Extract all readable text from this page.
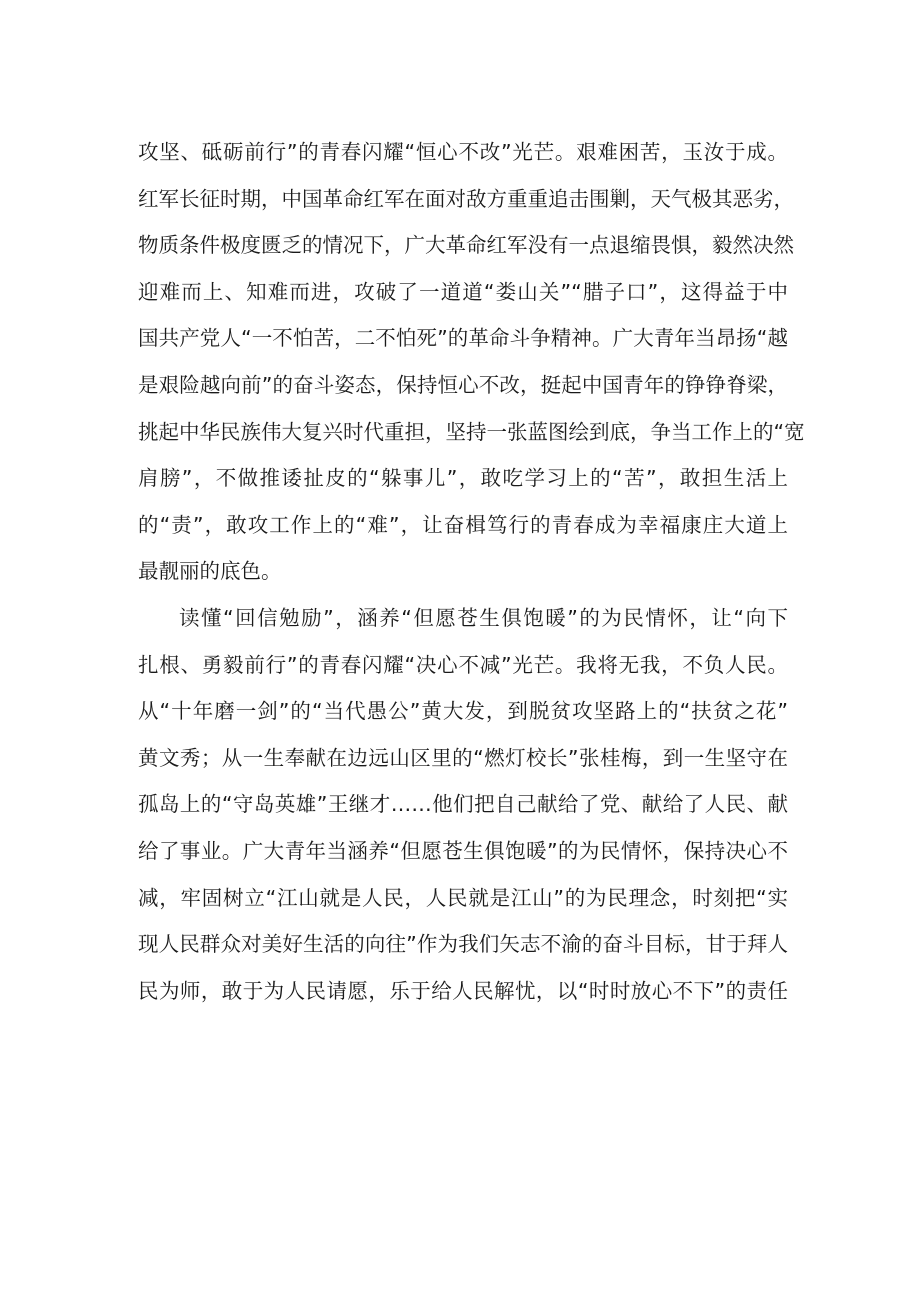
攻坚、砥砺前行”的青春闪耀“恒心不改”光芒。艰难困苦，玉汝于成。
红军长征时期，中国革命红军在面对敌方重重追击围剿，天气极其恶劣，
物质条件极度匮乏的情况下，广大革命红军没有一点退缩畏惧，毅然决然
迎难而上、知难而进，攻破了一道道“娄山关”“腊子口”，这得益于中
国共产党人“一不怕苦，二不怕死”的革命斗争精神。广大青年当昂扬“越
是艰险越向前”的奋斗姿态，保持恒心不改，挺起中国青年的铮铮脊梁，
挑起中华民族伟大复兴时代重担，坚持一张蓝图绘到底，争当工作上的“宽
肩膀”，不做推诿扯皮的“躲事儿”，敢吃学习上的“苦”，敢担生活上
的“责”，敢攻工作上的“难”，让奋楫笃行的青春成为幸福康庄大道上
最靓丽的底色。
读懂“回信勉励”，涵养“但愿苍生俱饱暖”的为民情怀，让“向下
扎根、勇毅前行”的青春闪耀“决心不减”光芒。我将无我，不负人民。
从“十年磨一剑”的“当代愚公”黄大发，到脱贫攻坚路上的“扶贫之花”
黄文秀；从一生奉献在边远山区里的“燃灯校长”张桂梅，到一生坚守在
孤岛上的“守岛英雄”王继才……他们把自己献给了党、献给了人民、献
给了事业。广大青年当涵养“但愿苍生俱饱暖”的为民情怀，保持决心不
减，牢固树立“江山就是人民，人民就是江山”的为民理念，时刻把“实
现人民群众对美好生活的向往”作为我们矢志不渝的奋斗目标，甘于拜人
民为师，敢于为人民请愿，乐于给人民解忧，以“时时放心不下”的责任
